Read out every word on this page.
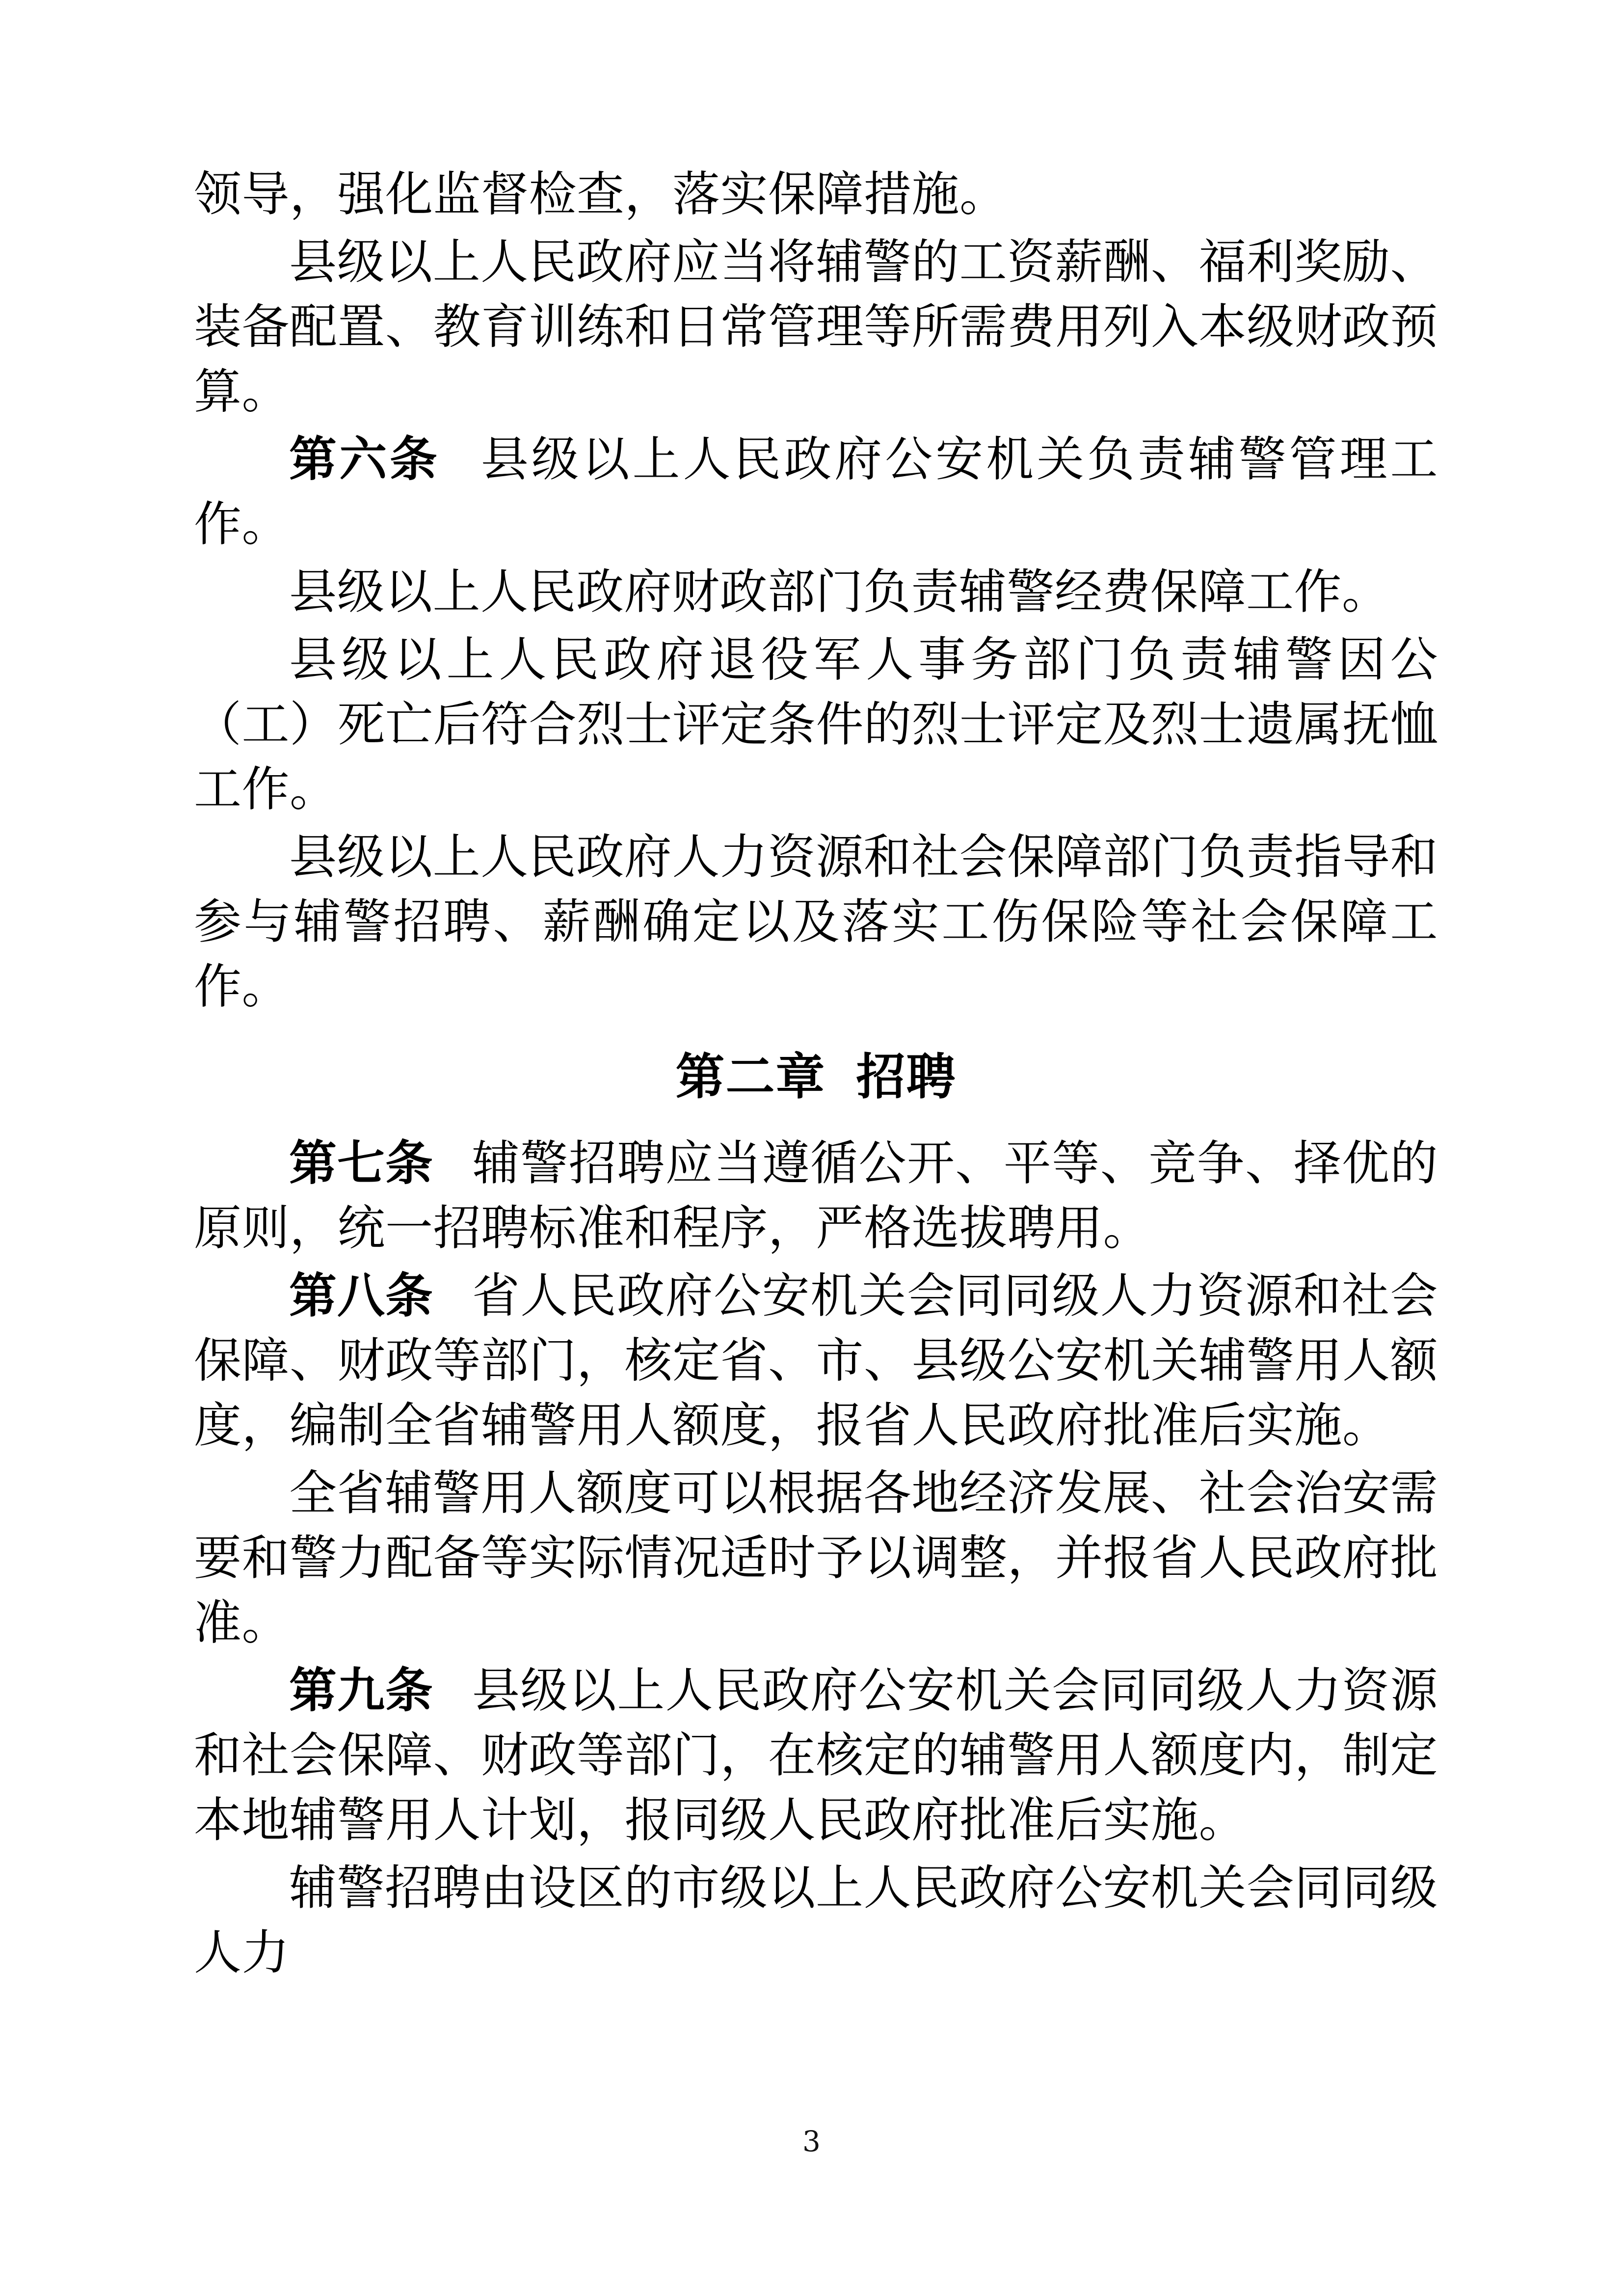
领导，强化监督检查，落实保障措施。

县级以上人民政府应当将辅警的工资薪酬、福利奖励、装备配置、教育训练和日常管理等所需费用列入本级财政预算。

第六条 县级以上人民政府公安机关负责辅警管理工作。

县级以上人民政府财政部门负责辅警经费保障工作。

县级以上人民政府退役军人事务部门负责辅警因公（工）死亡后符合烈士评定条件的烈士评定及烈士遗属抚恤工作。

县级以上人民政府人力资源和社会保障部门负责指导和参与辅警招聘、薪酬确定以及落实工伤保险等社会保障工作。

第二章 招聘

第七条 辅警招聘应当遵循公开、平等、竞争、择优的原则，统一招聘标准和程序，严格选拔聘用。

第八条 省人民政府公安机关会同同级人力资源和社会保障、财政等部门，核定省、市、县级公安机关辅警用人额度，编制全省辅警用人额度，报省人民政府批准后实施。

全省辅警用人额度可以根据各地经济发展、社会治安需要和警力配备等实际情况适时予以调整，并报省人民政府批准。

第九条 县级以上人民政府公安机关会同同级人力资源和社会保障、财政等部门，在核定的辅警用人额度内，制定本地辅警用人计划，报同级人民政府批准后实施。

辅警招聘由设区的市级以上人民政府公安机关会同同级人力

3
